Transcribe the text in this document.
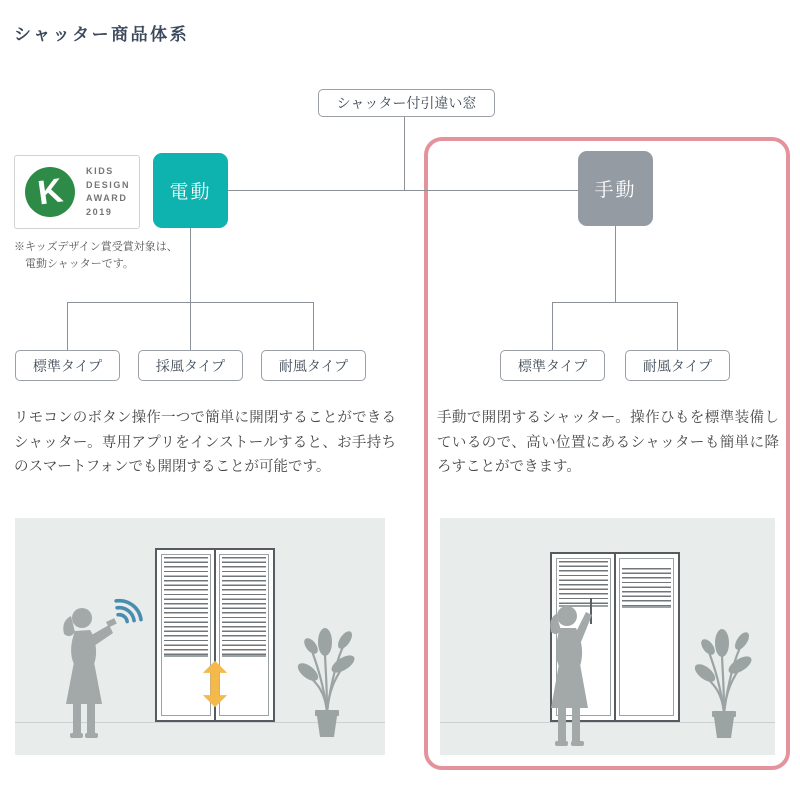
シャッター商品体系
シャッター付引違い窓
電動	手動
標準タイプ	採風タイプ	耐風タイプ	標準タイプ	耐風タイプ
K
KIDS
DESIGN
AWARD
2019
※キッズデザイン賞受賞対象は、
電動シャッターです。
リモコンのボタン操作一つで簡単に開閉することができるシャッター。専用アプリをインストールすると、お手持ちのスマートフォンでも開閉することが可能です。
手動で開閉するシャッター。操作ひもを標準装備しているので、高い位置にあるシャッターも簡単に降ろすことができます。
